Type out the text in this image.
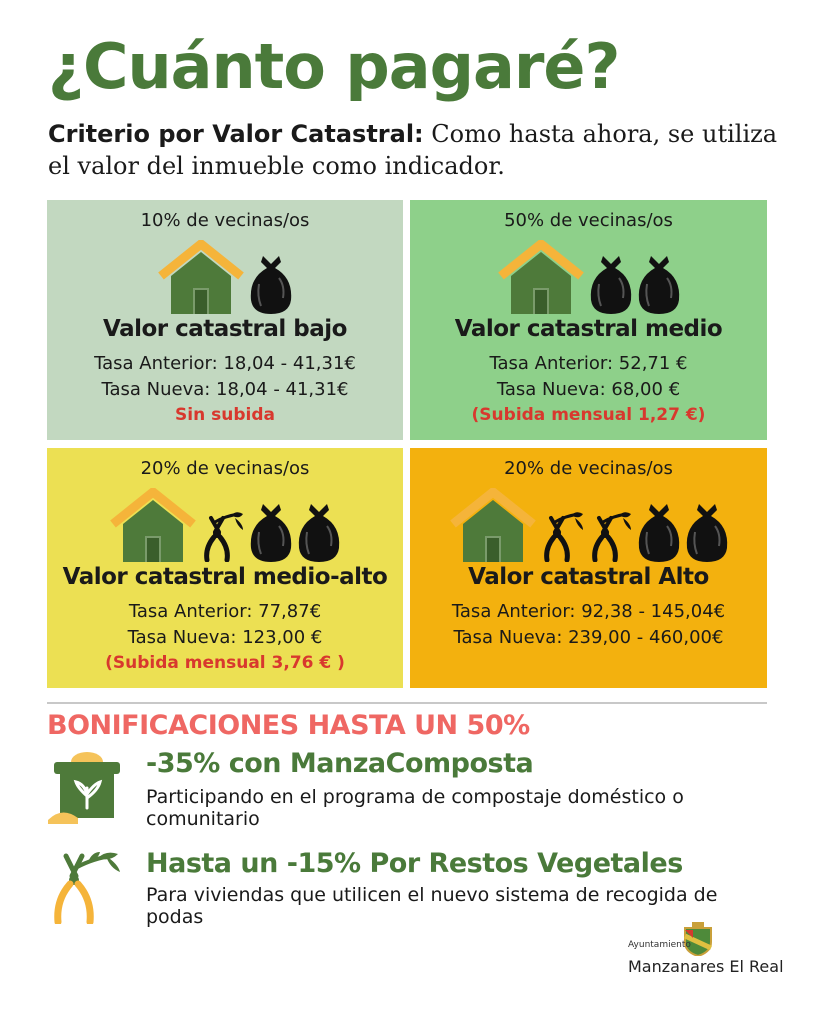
¿Cuánto pagaré?
Criterio por Valor Catastral: Como hasta ahora, se utiliza el valor del inmueble como indicador.
10% de vecinas/os
Valor catastral bajo
Tasa Anterior: 18,04 - 41,31€
Tasa Nueva: 18,04 - 41,31€
Sin subida
50% de vecinas/os
Valor catastral medio
Tasa Anterior: 52,71 €
Tasa Nueva: 68,00 €
(Subida mensual 1,27 €)
20% de vecinas/os
Valor catastral medio-alto
Tasa Anterior: 77,87€
Tasa Nueva: 123,00 €
(Subida mensual 3,76 € )
20% de vecinas/os
Valor catastral Alto
Tasa Anterior: 92,38 - 145,04€
Tasa Nueva: 239,00 - 460,00€
BONIFICACIONES HASTA UN 50%
-35% con ManzaComposta
Participando en el programa de compostaje doméstico o comunitario
Hasta un -15% Por Restos Vegetales
Para viviendas que utilicen el nuevo sistema de recogida de podas
Ayuntamiento
Manzanares El Real
